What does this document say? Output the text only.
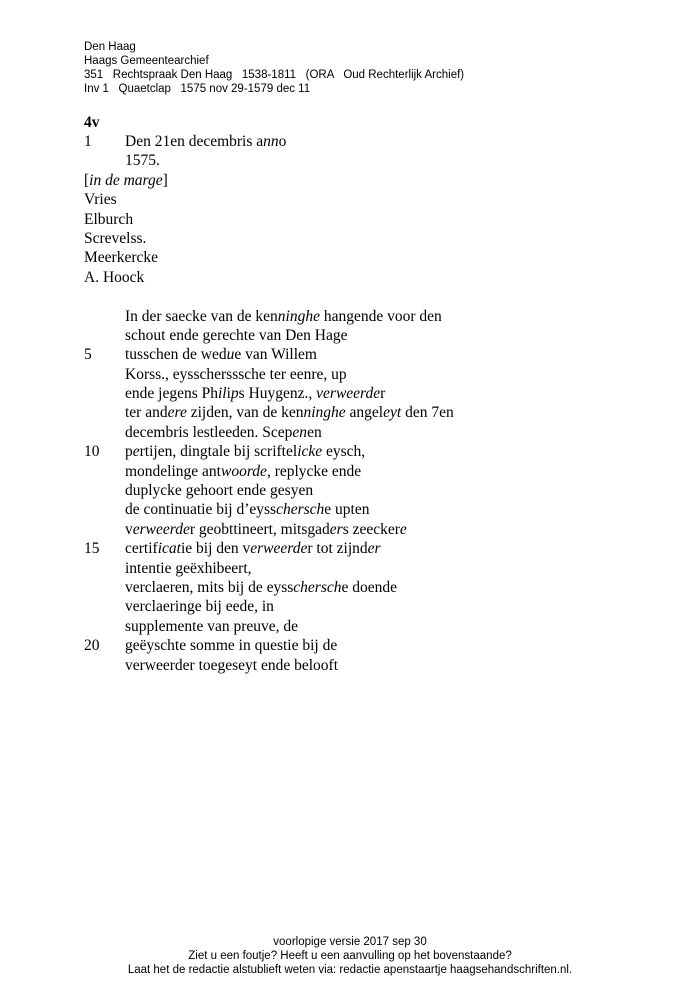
Den Haag
Haags Gemeentearchief
351   Rechtspraak Den Haag   1538-1811   (ORA   Oud Rechterlijk Archief)
Inv 1   Quaetclap   1575 nov 29-1579 dec 11
4v
1 Den 21en decembris anno
1575.
[in de marge]
Vries
Elburch
Screvelss.
Meerkercke
A. Hoock
In der saecke van de kenninghe hangende voor den
schout ende gerechte van Den Hage
5 tusschen de wedue van Willem
Korss., eysschersssche ter eenre, up
ende jegens Philips Huygenz., verweerder
ter andere zijden, van de kenninghe angeleyt den 7en
decembris lestleeden. Scepenen
10 pertijen, dingtale bij scriftelicke eysch,
mondelinge antwoorde, replycke ende
duplycke gehoort ende gesyen
de continuatie bij d’eysschersche upten
verweerder geobttineert, mitsgaders zeeckere
15 certificatie bij den verweerder tot zijnder
intentie geëxhibeert,
verclaeren, mits bij de eysschersche doende
verclaeringe bij eede, in
supplemente van preuve, de
20 geëyschte somme in questie bij de
verweerder toegeseyt ende belooft
voorlopige versie 2017 sep 30
Ziet u een foutje? Heeft u een aanvulling op het bovenstaande?
Laat het de redactie alstublieft weten via: redactie apenstaartje haagsehandschriften.nl.
